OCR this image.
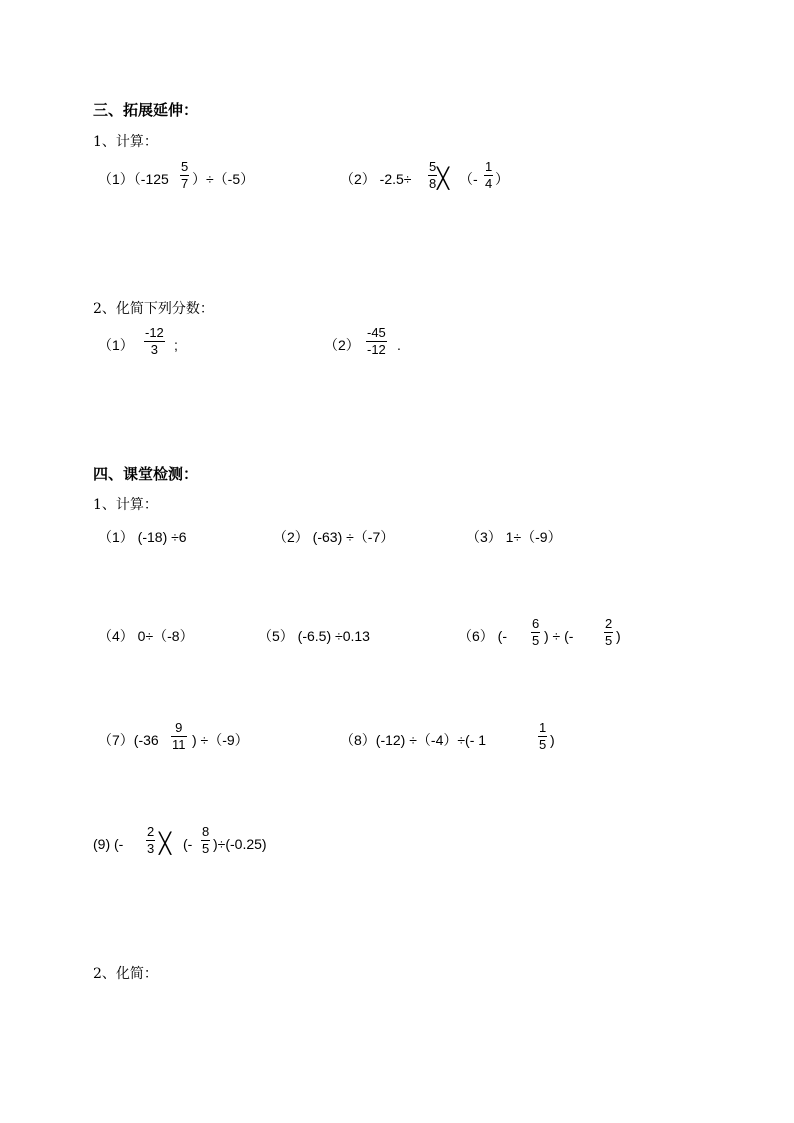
三、拓展延伸：
1、计算：
（1）（-125
5
7 ）÷（-5）	（2） -2.5÷
5
8 ╳ （-
1
4 ）
2、化简下列分数：
（1）
-12
3 ;	（2）
-45
-12 .
四、课堂检测：
1、计算：
（1） (-18) ÷6	（2） (-63) ÷（-7）	（3） 1÷（-9）
（4） 0÷（-8）	（5） (-6.5) ÷0.13	（6） (-
6
5 ) ÷ (-
2
5 )
（7）(-36
9
11 ) ÷（-9）	（8）(-12) ÷（-4）÷(- 1
1
5 )
(9) (-
2
3 ╳ (-
8
5 )÷(-0.25)
2、化简：
